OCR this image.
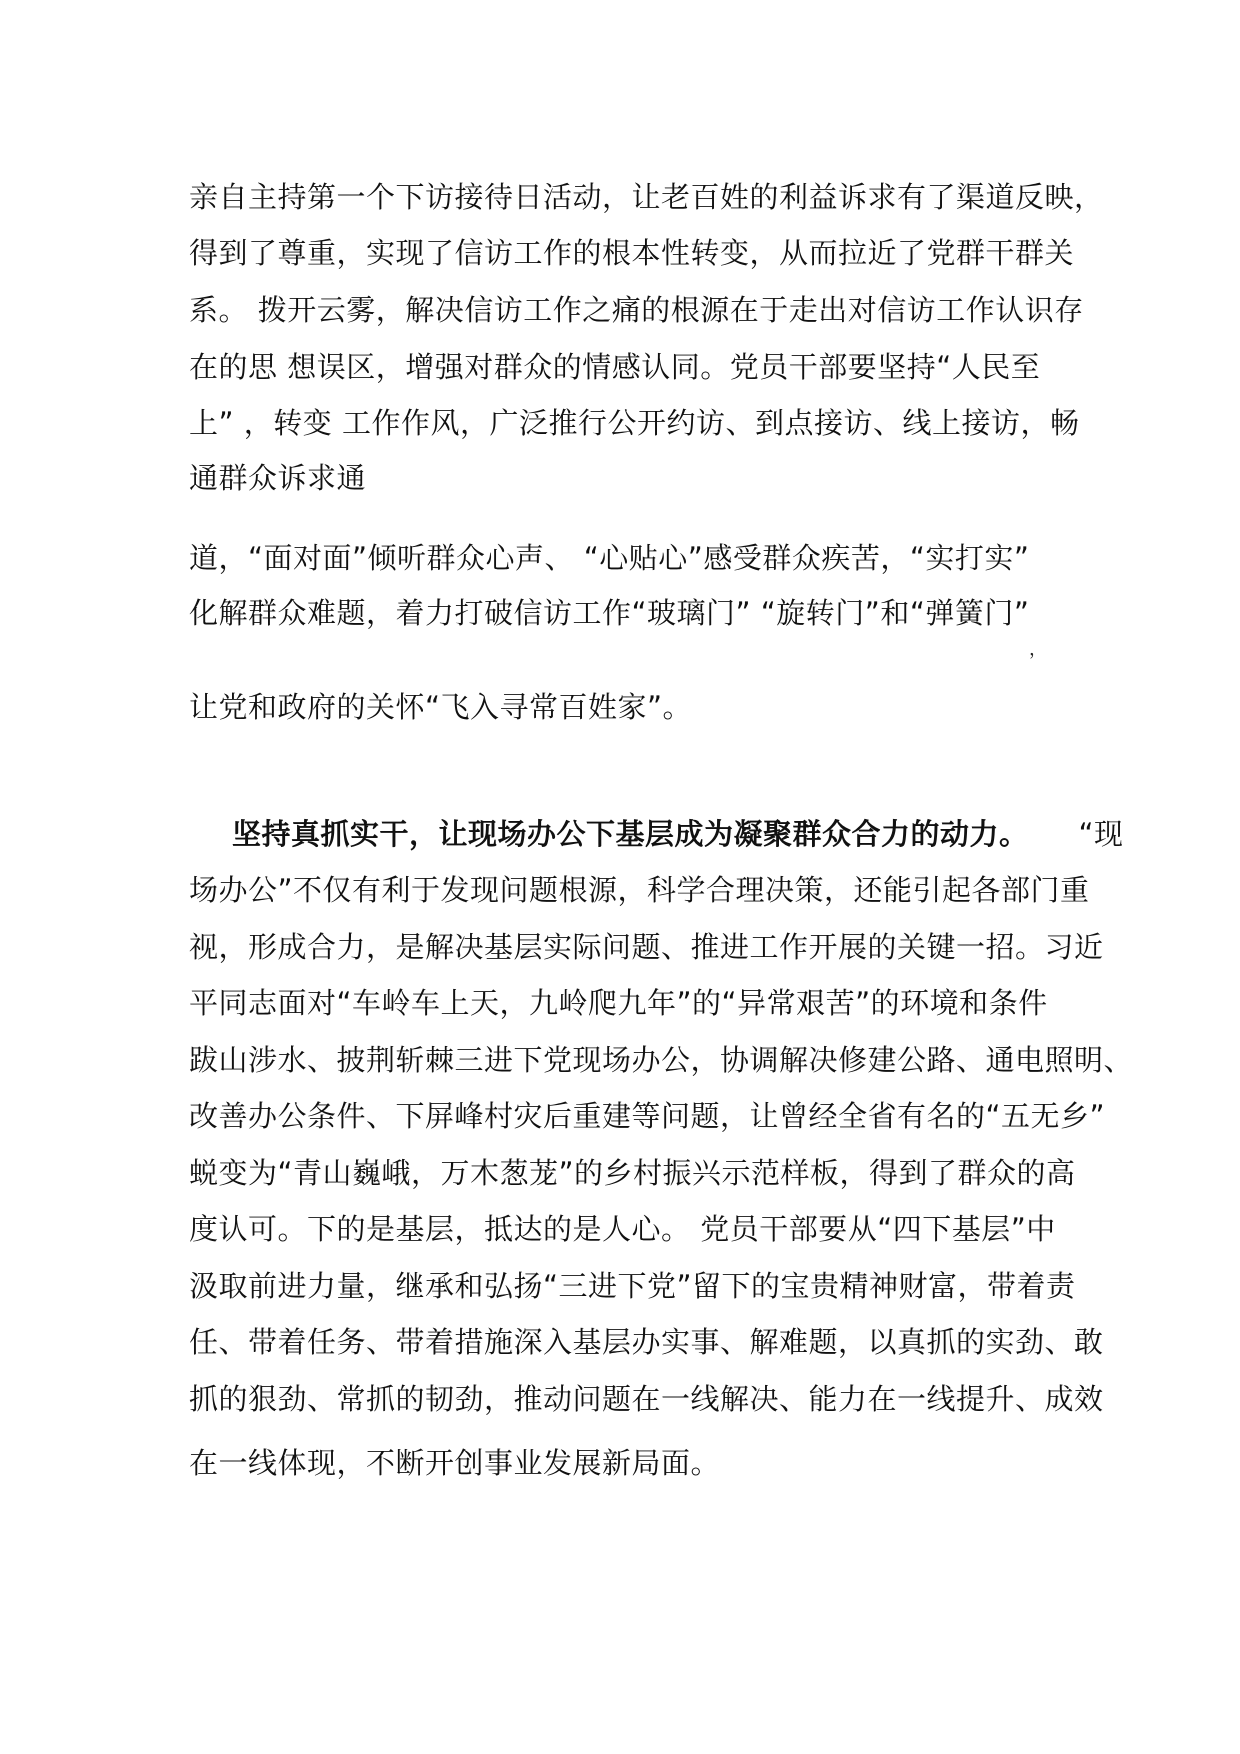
亲自主持第一个下访接待日活动，让老百姓的利益诉求有了渠道反映，
得到了尊重，实现了信访工作的根本性转变，从而拉近了党群干群关
系。 拨开云雾，解决信访工作之痛的根源在于走出对信访工作认识存
在的思 想误区，增强对群众的情感认同。党员干部要坚持“人民至
上” ，转变 工作作风，广泛推行公开约访、到点接访、线上接访，畅
通群众诉求通
道，“面对面”倾听群众心声、 “心贴心”感受群众疾苦，“实打实”
化解群众难题，着力打破信访工作“玻璃门” “旋转门”和“弹簧门”
，
让党和政府的关怀“飞入寻常百姓家”。
坚持真抓实干，让现场办公下基层成为凝聚群众合力的动力。 “现
场办公”不仅有利于发现问题根源，科学合理决策，还能引起各部门重
视，形成合力，是解决基层实际问题、推进工作开展的关键一招。习近
平同志面对“车岭车上天，九岭爬九年”的“异常艰苦”的环境和条件
跋山涉水、披荆斩棘三进下党现场办公，协调解决修建公路、通电照明、
改善办公条件、下屏峰村灾后重建等问题，让曾经全省有名的“五无乡”
蜕变为“青山巍峨，万木葱茏”的乡村振兴示范样板，得到了群众的高
度认可。下的是基层，抵达的是人心。 党员干部要从“四下基层”中
汲取前进力量，继承和弘扬“三进下党”留下的宝贵精神财富，带着责
任、带着任务、带着措施深入基层办实事、解难题，以真抓的实劲、敢
抓的狠劲、常抓的韧劲，推动问题在一线解决、能力在一线提升、成效
在一线体现，不断开创事业发展新局面。
